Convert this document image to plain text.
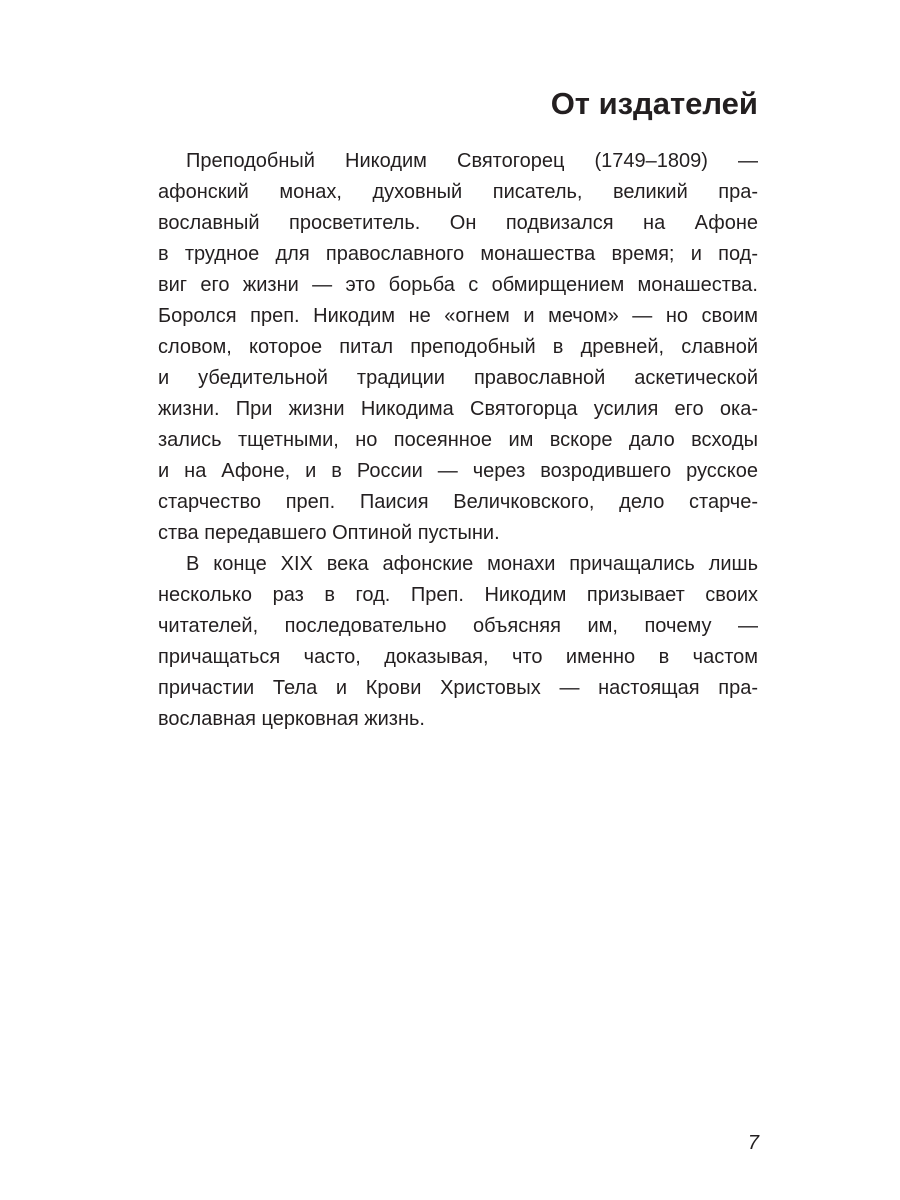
От издателей
Преподобный Никодим Святогорец (1749–1809) —
афонский монах, духовный писатель, великий пра-
вославный просветитель. Он подвизался на Афоне
в трудное для православного монашества время; и под-
виг его жизни — это борьба с обмирщением монашества.
Боролся преп. Никодим не «огнем и мечом» — но своим
словом, которое питал преподобный в древней, славной
и убедительной традиции православной аскетической
жизни. При жизни Никодима Святогорца усилия его ока-
зались тщетными, но посеянное им вскоре дало всходы
и на Афоне, и в России — через возродившего русское
старчество преп. Паисия Величковского, дело старче-
ства передавшего Оптиной пустыни.
В конце XIX века афонские монахи причащались лишь
несколько раз в год. Преп. Никодим призывает своих
читателей, последовательно объясняя им, почему —
причащаться часто, доказывая, что именно в частом
причастии Тела и Крови Христовых — настоящая пра-
вославная церковная жизнь.
7
